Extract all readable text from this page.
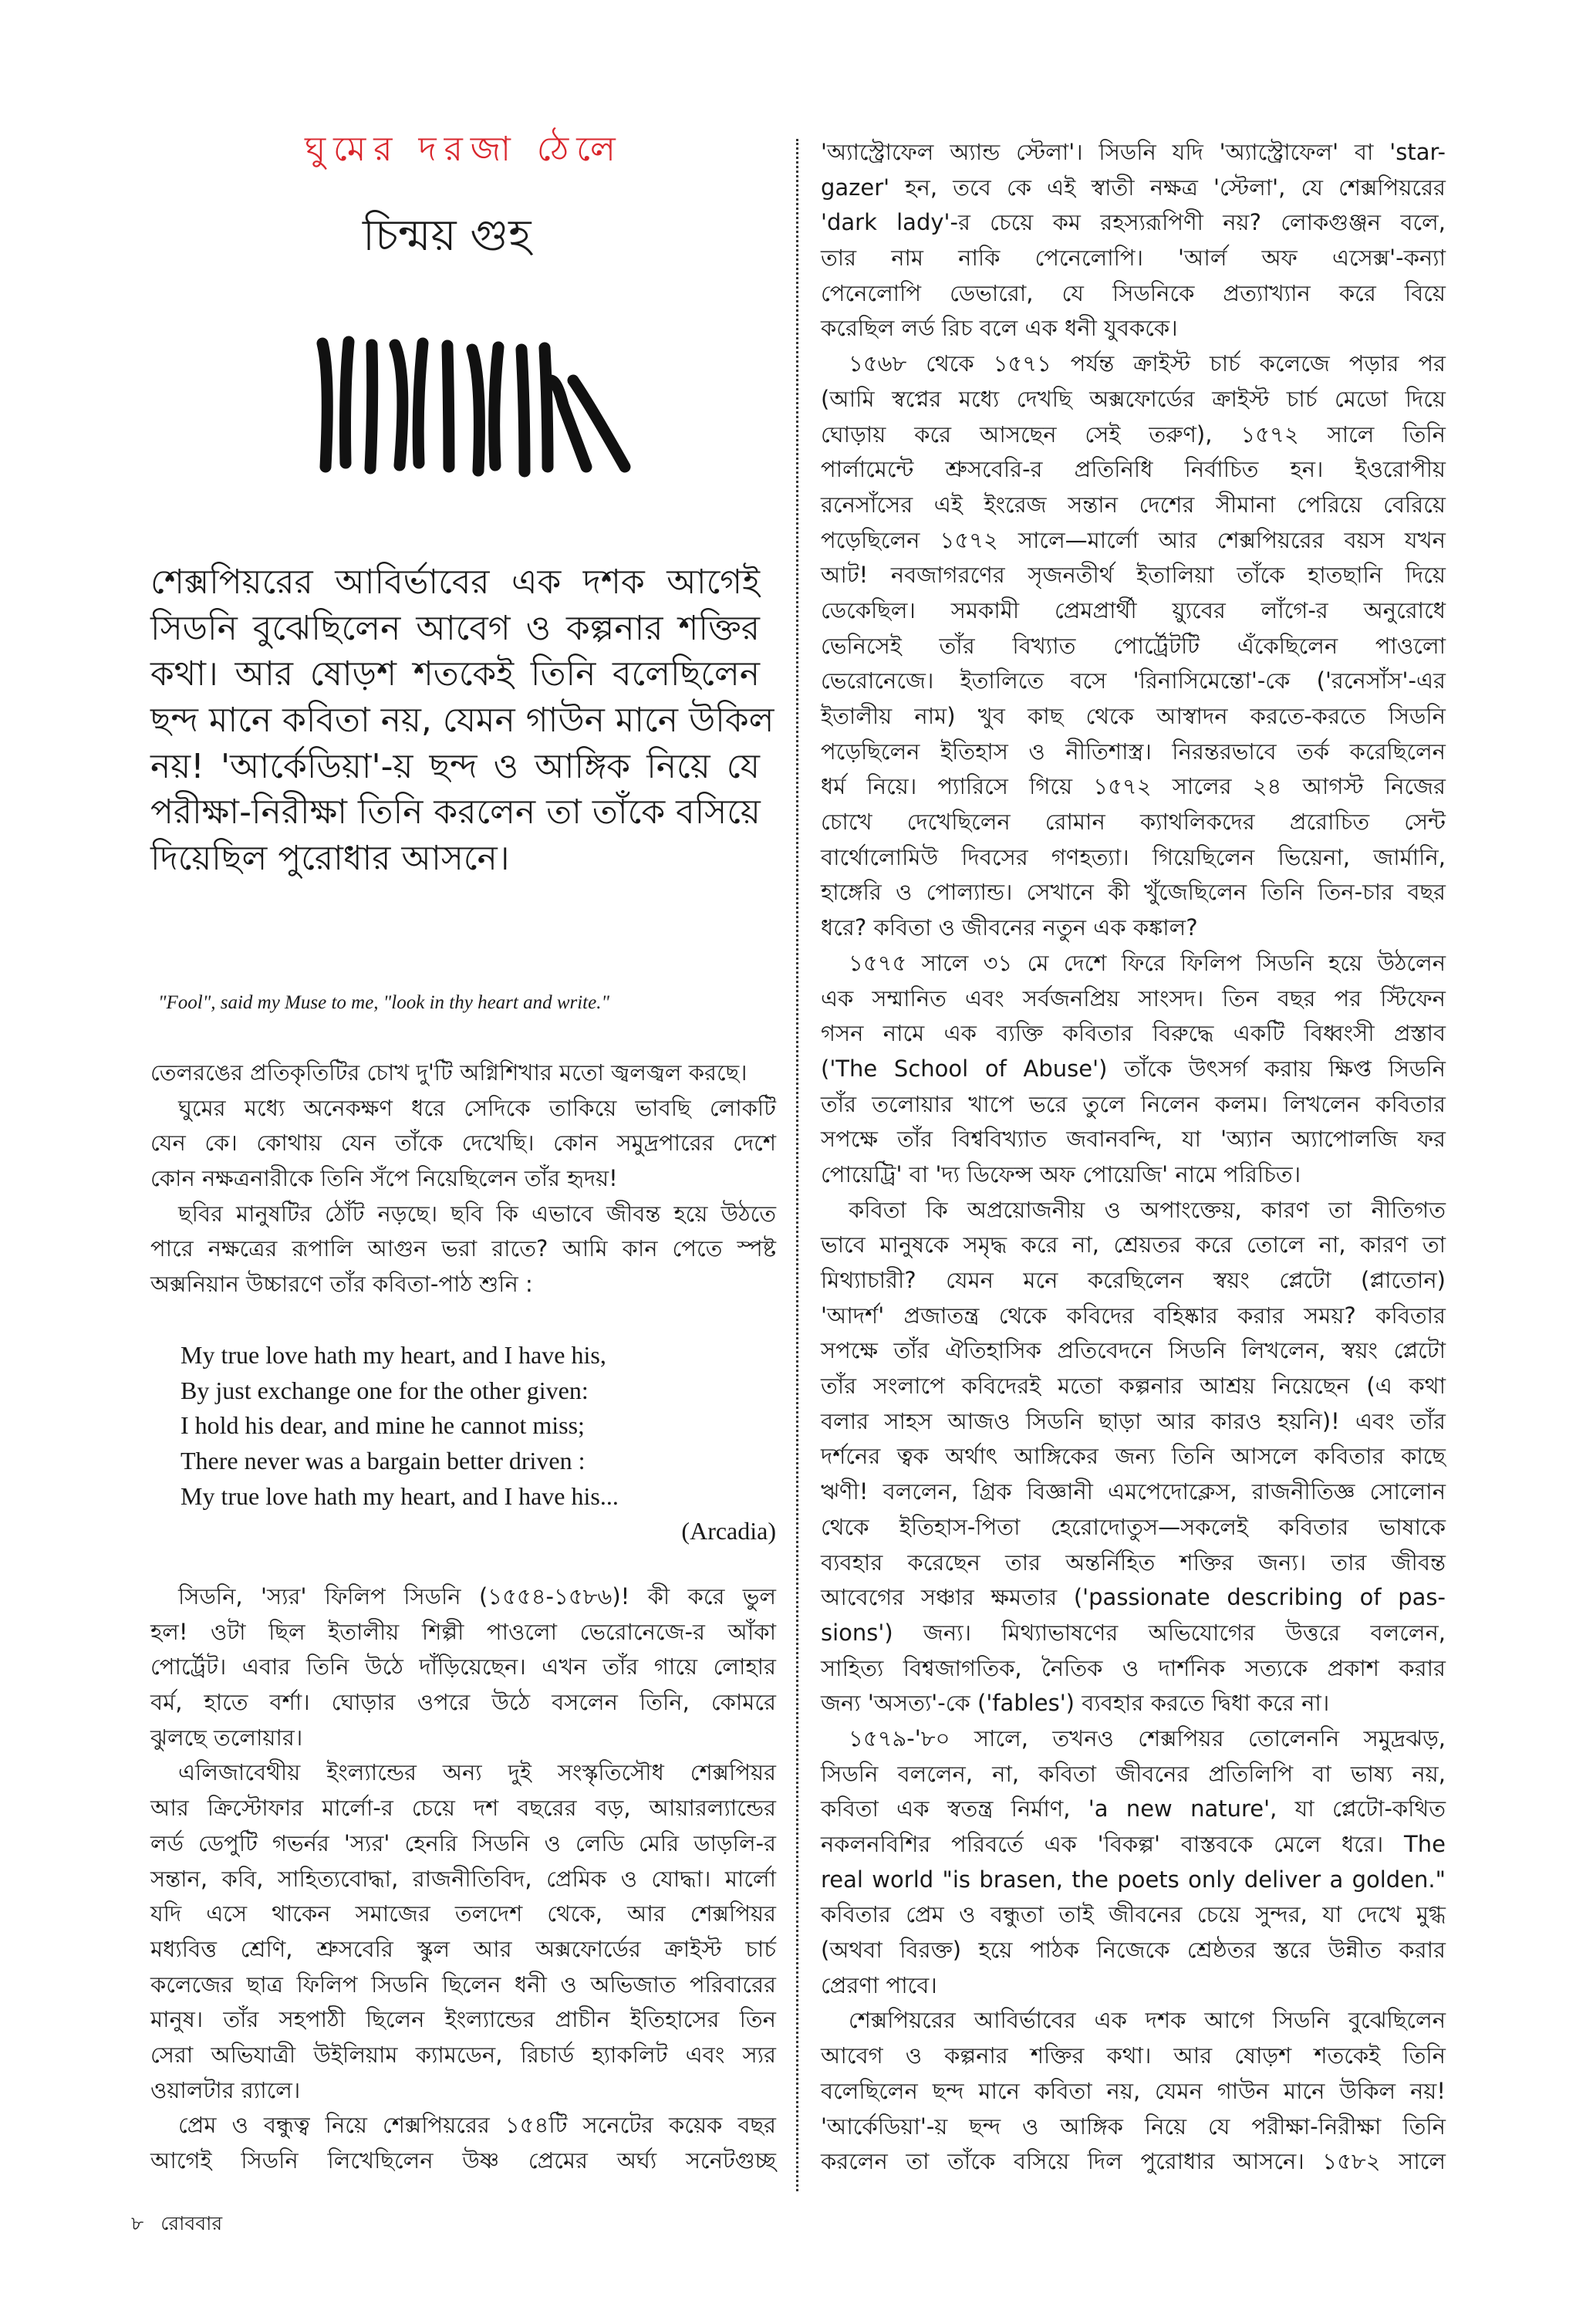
ঘুমের দরজা ঠেলে
চিন্ময় গুহ
শেক্সপিয়রের আবির্ভাবের এক দশক আগেই
সিডনি বুঝেছিলেন আবেগ ও কল্পনার শক্তির
কথা। আর ষোড়শ শতকেই তিনি বলেছিলেন
ছন্দ মানে কবিতা নয়, যেমন গাউন মানে উকিল
নয়! 'আর্কেডিয়া'-য় ছন্দ ও আঙ্গিক নিয়ে যে
পরীক্ষা-নিরীক্ষা তিনি করলেন তা তাঁকে বসিয়ে
দিয়েছিল পুরোধার আসনে।
"Fool", said my Muse to me, "look in thy heart and write."
তেলরঙের প্রতিকৃতিটির চোখ দু'টি অগ্নিশিখার মতো জ্বলজ্বল করছে।
ঘুমের মধ্যে অনেকক্ষণ ধরে সেদিকে তাকিয়ে ভাবছি লোকটি
যেন কে। কোথায় যেন তাঁকে দেখেছি। কোন সমুদ্রপারের দেশে
কোন নক্ষত্রনারীকে তিনি সঁপে নিয়েছিলেন তাঁর হৃদয়!
ছবির মানুষটির ঠোঁট নড়ছে। ছবি কি এভাবে জীবন্ত হয়ে উঠতে
পারে নক্ষত্রের রূপালি আগুন ভরা রাতে? আমি কান পেতে স্পষ্ট
অক্সনিয়ান উচ্চারণে তাঁর কবিতা-পাঠ শুনি :
My true love hath my heart, and I have his,
By just exchange one for the other given:
I hold his dear, and mine he cannot miss;
There never was a bargain better driven :
My true love hath my heart, and I have his...
(Arcadia)
সিডনি, 'স্যর' ফিলিপ সিডনি (১৫৫৪-১৫৮৬)! কী করে ভুল
হল! ওটা ছিল ইতালীয় শিল্পী পাওলো ভেরোনেজে-র আঁকা
পোর্ট্রেট। এবার তিনি উঠে দাঁড়িয়েছেন। এখন তাঁর গায়ে লোহার
বর্ম, হাতে বর্শা। ঘোড়ার ওপরে উঠে বসলেন তিনি, কোমরে
ঝুলছে তলোয়ার।
এলিজাবেথীয় ইংল্যান্ডের অন্য দুই সংস্কৃতিসৌধ শেক্সপিয়র
আর ক্রিস্টোফার মার্লো-র চেয়ে দশ বছরের বড়, আয়ারল্যান্ডের
লর্ড ডেপুটি গভর্নর 'স্যর' হেনরি সিডনি ও লেডি মেরি ডাড়লি-র
সন্তান, কবি, সাহিত্যবোদ্ধা, রাজনীতিবিদ, প্রেমিক ও যোদ্ধা। মার্লো
যদি এসে থাকেন সমাজের তলদেশ থেকে, আর শেক্সপিয়র
মধ্যবিত্ত শ্রেণি, শ্রুসবেরি স্কুল আর অক্সফোর্ডের ক্রাইস্ট চার্চ
কলেজের ছাত্র ফিলিপ সিডনি ছিলেন ধনী ও অভিজাত পরিবারের
মানুষ। তাঁর সহপাঠী ছিলেন ইংল্যান্ডের প্রাচীন ইতিহাসের তিন
সেরা অভিযাত্রী উইলিয়াম ক্যামডেন, রিচার্ড হ্যাকলিট এবং স্যর
ওয়ালটার র‍্যালে।
প্রেম ও বন্ধুত্ব নিয়ে শেক্সপিয়রের ১৫৪টি সনেটের কয়েক বছর
আগেই সিডনি লিখেছিলেন উষ্ণ প্রেমের অর্ঘ্য সনেটগুচ্ছ
'অ্যাস্ট্রোফেল অ্যান্ড স্টেলা'। সিডনি যদি 'অ্যাস্ট্রোফেল' বা 'star-
gazer' হন, তবে কে এই স্বাতী নক্ষত্র 'স্টেলা', যে শেক্সপিয়রের
'dark lady'-র চেয়ে কম রহস্যরূপিণী নয়? লোকগুঞ্জন বলে,
তার নাম নাকি পেনেলোপি। 'আর্ল অফ এসেক্স'-কন্যা
পেনেলোপি ডেভারো, যে সিডনিকে প্রত্যাখ্যান করে বিয়ে
করেছিল লর্ড রিচ বলে এক ধনী যুবককে।
১৫৬৮ থেকে ১৫৭১ পর্যন্ত ক্রাইস্ট চার্চ কলেজে পড়ার পর
(আমি স্বপ্নের মধ্যে দেখছি অক্সফোর্ডের ক্রাইস্ট চার্চ মেডো দিয়ে
ঘোড়ায় করে আসছেন সেই তরুণ), ১৫৭২ সালে তিনি
পার্লামেন্টে শ্রুসবেরি-র প্রতিনিধি নির্বাচিত হন। ইওরোপীয়
রনেসাঁসের এই ইংরেজ সন্তান দেশের সীমানা পেরিয়ে বেরিয়ে
পড়েছিলেন ১৫৭২ সালে—মার্লো আর শেক্সপিয়রের বয়স যখন
আট! নবজাগরণের সৃজনতীর্থ ইতালিয়া তাঁকে হাতছানি দিয়ে
ডেকেছিল। সমকামী প্রেমপ্রার্থী য়্যুবের লাঁগে-র অনুরোধে
ভেনিসেই তাঁর বিখ্যাত পোর্ট্রেটটি এঁকেছিলেন পাওলো
ভেরোনেজে। ইতালিতে বসে 'রিনাসিমেন্তো'-কে ('রনেসাঁস'-এর
ইতালীয় নাম) খুব কাছ থেকে আস্বাদন করতে-করতে সিডনি
পড়েছিলেন ইতিহাস ও নীতিশাস্ত্র। নিরন্তরভাবে তর্ক করেছিলেন
ধর্ম নিয়ে। প্যারিসে গিয়ে ১৫৭২ সালের ২৪ আগস্ট নিজের
চোখে দেখেছিলেন রোমান ক্যাথলিকদের প্ররোচিত সেন্ট
বার্থোলোমিউ দিবসের গণহত্যা। গিয়েছিলেন ভিয়েনা, জার্মানি,
হাঙ্গেরি ও পোল্যান্ড। সেখানে কী খুঁজেছিলেন তিনি তিন-চার বছর
ধরে? কবিতা ও জীবনের নতুন এক কঙ্কাল?
১৫৭৫ সালে ৩১ মে দেশে ফিরে ফিলিপ সিডনি হয়ে উঠলেন
এক সম্মানিত এবং সর্বজনপ্রিয় সাংসদ। তিন বছর পর স্টিফেন
গসন নামে এক ব্যক্তি কবিতার বিরুদ্ধে একটি বিধ্বংসী প্রস্তাব
('The School of Abuse') তাঁকে উৎসর্গ করায় ক্ষিপ্ত সিডনি
তাঁর তলোয়ার খাপে ভরে তুলে নিলেন কলম। লিখলেন কবিতার
সপক্ষে তাঁর বিশ্ববিখ্যাত জবানবন্দি, যা 'অ্যান অ্যাপোলজি ফর
পোয়েট্রি' বা 'দ্য ডিফেন্স অফ পোয়েজি' নামে পরিচিত।
কবিতা কি অপ্রয়োজনীয় ও অপাংক্তেয়, কারণ তা নীতিগত
ভাবে মানুষকে সমৃদ্ধ করে না, শ্রেয়তর করে তোলে না, কারণ তা
মিথ্যাচারী? যেমন মনে করেছিলেন স্বয়ং প্লেটো (প্লাতোন)
'আদর্শ' প্রজাতন্ত্র থেকে কবিদের বহিষ্কার করার সময়? কবিতার
সপক্ষে তাঁর ঐতিহাসিক প্রতিবেদনে সিডনি লিখলেন, স্বয়ং প্লেটো
তাঁর সংলাপে কবিদেরই মতো কল্পনার আশ্রয় নিয়েছেন (এ কথা
বলার সাহস আজও সিডনি ছাড়া আর কারও হয়নি)! এবং তাঁর
দর্শনের ত্বক অর্থাৎ আঙ্গিকের জন্য তিনি আসলে কবিতার কাছে
ঋণী! বললেন, গ্রিক বিজ্ঞানী এমপেদোক্লেস, রাজনীতিজ্ঞ সোলোন
থেকে ইতিহাস-পিতা হেরোদোতুস—সকলেই কবিতার ভাষাকে
ব্যবহার করেছেন তার অন্তর্নিহিত শক্তির জন্য। তার জীবন্ত
আবেগের সঞ্চার ক্ষমতার ('passionate describing of pas-
sions') জন্য। মিথ্যাভাষণের অভিযোগের উত্তরে বললেন,
সাহিত্য বিশ্বজাগতিক, নৈতিক ও দার্শনিক সত্যকে প্রকাশ করার
জন্য 'অসত্য'-কে ('fables') ব্যবহার করতে দ্বিধা করে না।
১৫৭৯-'৮০ সালে, তখনও শেক্সপিয়র তোলেননি সমুদ্রঝড়,
সিডনি বললেন, না, কবিতা জীবনের প্রতিলিপি বা ভাষ্য নয়,
কবিতা এক স্বতন্ত্র নির্মাণ, 'a new nature', যা প্লেটো-কথিত
নকলনবিশির পরিবর্তে এক 'বিকল্প' বাস্তবকে মেলে ধরে। The
real world "is brasen, the poets only deliver a golden."
কবিতার প্রেম ও বন্ধুতা তাই জীবনের চেয়ে সুন্দর, যা দেখে মুগ্ধ
(অথবা বিরক্ত) হয়ে পাঠক নিজেকে শ্রেষ্ঠতর স্তরে উন্নীত করার
প্রেরণা পাবে।
শেক্সপিয়রের আবির্ভাবের এক দশক আগে সিডনি বুঝেছিলেন
আবেগ ও কল্পনার শক্তির কথা। আর ষোড়শ শতকেই তিনি
বলেছিলেন ছন্দ মানে কবিতা নয়, যেমন গাউন মানে উকিল নয়!
'আর্কেডিয়া'-য় ছন্দ ও আঙ্গিক নিয়ে যে পরীক্ষা-নিরীক্ষা তিনি
করলেন তা তাঁকে বসিয়ে দিল পুরোধার আসনে। ১৫৮২ সালে
৮ রোববার
